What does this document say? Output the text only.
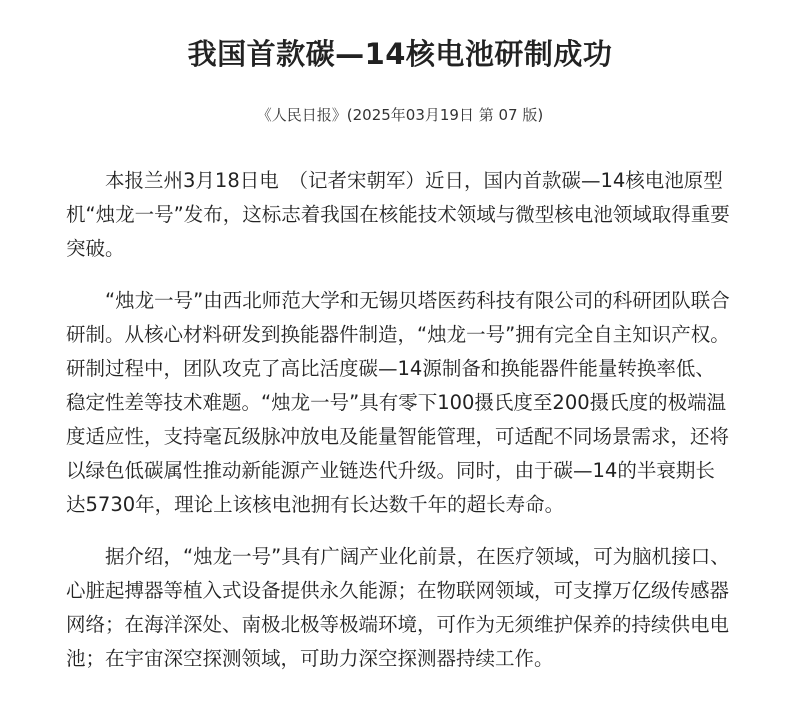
我国首款碳—14核电池研制成功

《人民日报》(2025年03月19日 第 07 版)

本报兰州3月18日电　（记者宋朝军）近日，国内首款碳—14核电池原型机“烛龙一号”发布，这标志着我国在核能技术领域与微型核电池领域取得重要突破。

“烛龙一号”由西北师范大学和无锡贝塔医药科技有限公司的科研团队联合研制。从核心材料研发到换能器件制造，“烛龙一号”拥有完全自主知识产权。研制过程中，团队攻克了高比活度碳—14源制备和换能器件能量转换率低、稳定性差等技术难题。“烛龙一号”具有零下100摄氏度至200摄氏度的极端温度适应性，支持毫瓦级脉冲放电及能量智能管理，可适配不同场景需求，还将以绿色低碳属性推动新能源产业链迭代升级。同时，由于碳—14的半衰期长达5730年，理论上该核电池拥有长达数千年的超长寿命。

据介绍，“烛龙一号”具有广阔产业化前景，在医疗领域，可为脑机接口、心脏起搏器等植入式设备提供永久能源；在物联网领域，可支撑万亿级传感器网络；在海洋深处、南极北极等极端环境，可作为无须维护保养的持续供电电池；在宇宙深空探测领域，可助力深空探测器持续工作。
